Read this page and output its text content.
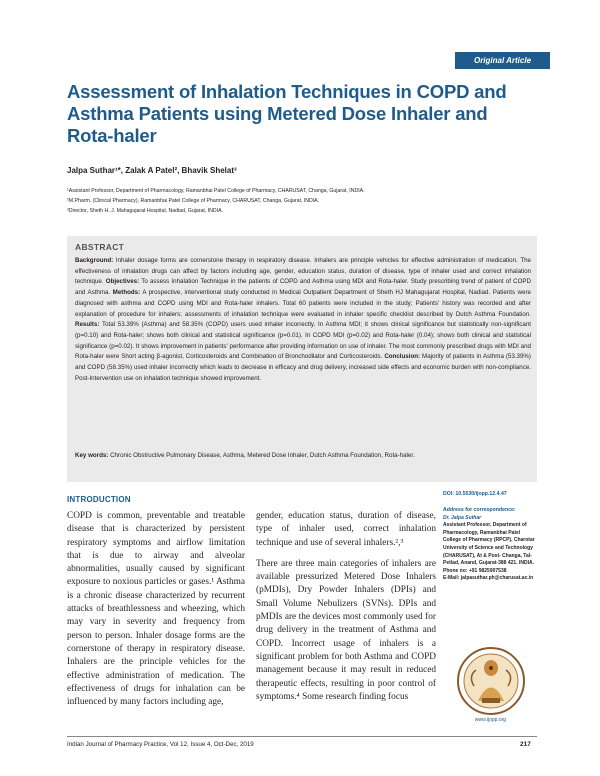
Original Article
Assessment of Inhalation Techniques in COPD and Asthma Patients using Metered Dose Inhaler and Rota-haler
Jalpa Suthar¹*, Zalak A Patel², Bhavik Shelat³
¹Assistant Professor, Department of Pharmacology, Ramanbhai Patel College of Pharmacy, CHARUSAT, Changa, Gujarat, INDIA.
²M.Pharm. (Clinical Pharmacy), Ramanbhai Patel College of Pharmacy, CHARUSAT, Changa, Gujarat, INDIA.
³Director, Sheth H. J. Mahagujarat Hospital, Nadiad, Gujarat, INDIA.
ABSTRACT
Background: Inhaler dosage forms are cornerstone therapy in respiratory disease. Inhalers are principle vehicles for effective administration of medication. The effectiveness of inhalation drugs can affect by factors including age, gender, education status, duration of disease, type of inhaler used and correct inhalation technique. Objectives: To assess Inhalation Technique in the patients of COPD and Asthma using MDI and Rota-haler. Study prescribing trend of patient of COPD and Asthma. Methods: A prospective, interventional study conducted in Medical Outpatient Department of Sheth HJ Mahagujarat Hospital, Nadiad. Patients were diagnosed with asthma and COPD using MDI and Rota-haler inhalers. Total 60 patients were included in the study; Patients' history was recorded and after explanation of procedure for inhalers; assessments of inhalation technique were evaluated in inhaler specific checklist described by Dutch Asthma Foundation. Results: Total 53.39% (Asthma) and 58.35% (COPD) users used inhaler incorrectly. In Asthma MDI; it shows clinical significance but statistically non-significant (p=0.10) and Rota-haler; shows both clinical and statistical significance (p=0.01). In COPD MDI (p=0.02) and Rota-haler (0.04); shows both clinical and statistical significance (p=0.02). It shows improvement in patients' performance after providing information on use of inhaler. The most commonly prescribed drugs with MDI and Rota-haler were Short acting β-agonist, Corticosteroids and Combination of Bronchodilator and Corticosteroids. Conclusion: Majority of patients in Asthma (53.39%) and COPD (58.35%) used inhaler incorrectly which leads to decrease in efficacy and drug delivery, increased side effects and economic burden with non-compliance. Post-Intervention use on inhalation technique showed improvement.
Key words: Chronic Obstructive Pulmonary Disease, Asthma, Metered Dose Inhaler, Dutch Asthma Foundation, Rota-haler.
INTRODUCTION
COPD is common, preventable and treatable disease that is characterized by persistent respiratory symptoms and airflow limitation that is due to airway and alveolar abnormalities, usually caused by significant exposure to noxious particles or gases.¹ Asthma is a chronic disease characterized by recurrent attacks of breathlessness and wheezing, which may vary in severity and frequency from person to person. Inhaler dosage forms are the cornerstone of therapy in respiratory disease. Inhalers are the principle vehicles for the effective administration of medication. The effectiveness of drugs for inhalation can be influenced by many factors including age,
gender, education status, duration of disease, type of inhaler used, correct inhalation technique and use of several inhalers.²,³
There are three main categories of inhalers are available pressurized Metered Dose Inhalers (pMDIs), Dry Powder Inhalers (DPIs) and Small Volume Nebulizers (SVNs). DPIs and pMDIs are the devices most commonly used for drug delivery in the treatment of Asthma and COPD. Incorrect usage of inhalers is a significant problem for both Asthma and COPD management because it may result in reduced therapeutic effects, resulting in poor control of symptoms.⁴ Some research finding focus
DOI: 10.5530/ijopp.12.4.47
Address for correspondence:
Dr. Jalpa Suthar
Assistant Professor, Department of Pharmacology, Ramanbhai Patel College of Pharmacy (RPCP), Charotar University of Science and Technology (CHARUSAT), At & Post- Changa, Tal- Petlad, Anand, Gujarat-388 421. INDIA.
Phone no: +91 9825907538
E-Mail: jalpasuthar.ph@charusat.ac.in
www.ijopp.org
Indian Journal of Pharmacy Practice, Vol 12, Issue 4, Oct-Dec, 2019	217
